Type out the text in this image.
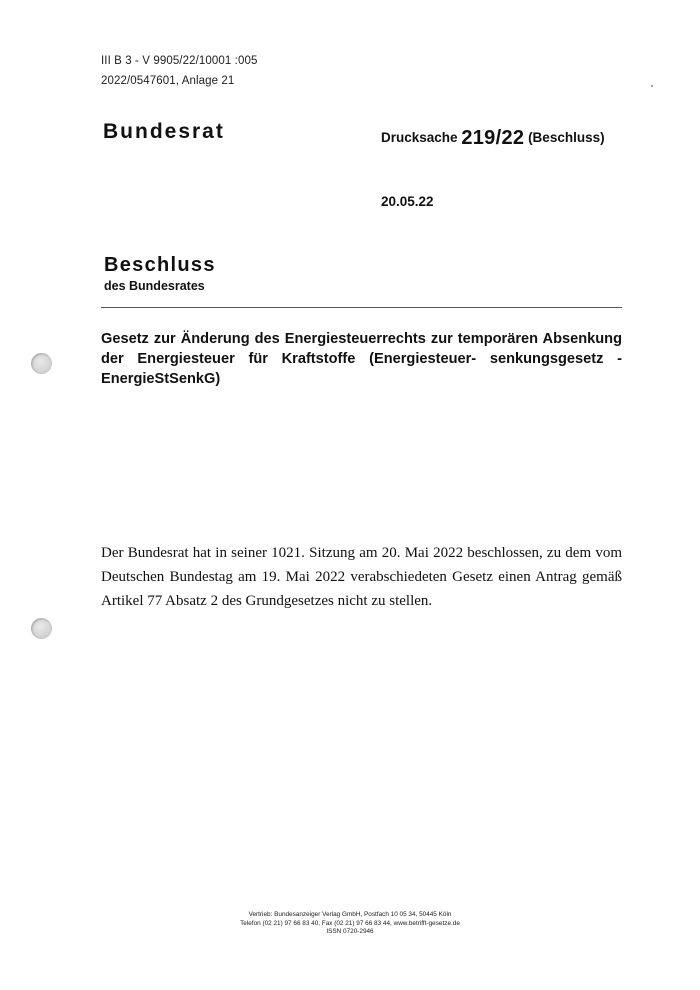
III B 3 - V 9905/22/10001 :005
2022/0547601, Anlage 21
Bundesrat	Drucksache 219/22 (Beschluss)
20.05.22
Beschluss
des Bundesrates
Gesetz zur Änderung des Energiesteuerrechts zur temporären Absenkung der Energiesteuer für Kraftstoffe (Energiesteuer- senkungsgesetz - EnergieStSenkG)
Der Bundesrat hat in seiner 1021. Sitzung am 20. Mai 2022 beschlossen, zu dem vom Deutschen Bundestag am 19. Mai 2022 verabschiedeten Gesetz einen Antrag gemäß Artikel 77 Absatz 2 des Grundgesetzes nicht zu stellen.
Vertrieb: Bundesanzeiger Verlag GmbH, Postfach 10 05 34, 50445 Köln
Telefon (02 21) 97 66 83 40, Fax (02 21) 97 66 83 44, www.betrifft-gesetze.de
ISSN 0720-2946
